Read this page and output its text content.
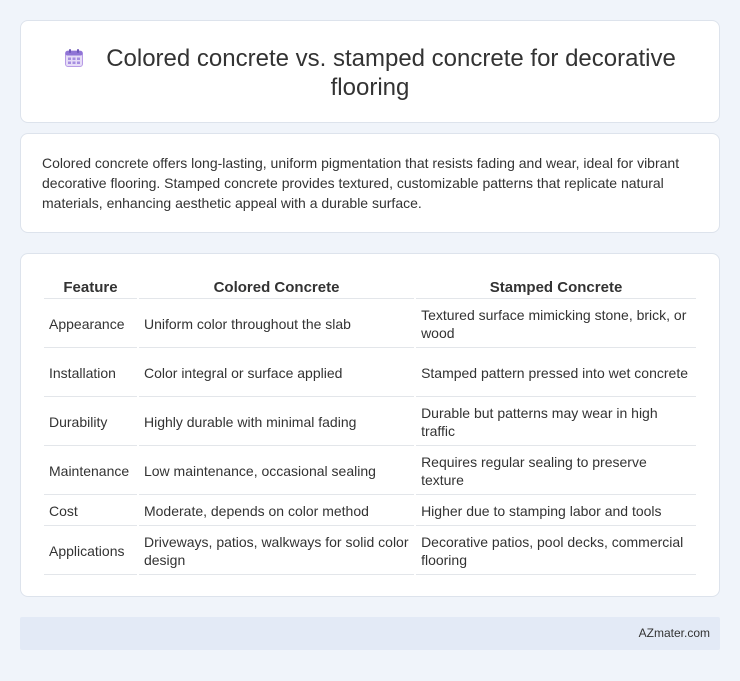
Colored concrete vs. stamped concrete for decorative flooring

Colored concrete offers long-lasting, uniform pigmentation that resists fading and wear, ideal for vibrant decorative flooring. Stamped concrete provides textured, customizable patterns that replicate natural materials, enhancing aesthetic appeal with a durable surface.

Feature	Colored Concrete	Stamped Concrete
Appearance	Uniform color throughout the slab	Textured surface mimicking stone, brick, or wood
Installation	Color integral or surface applied	Stamped pattern pressed into wet concrete
Durability	Highly durable with minimal fading	Durable but patterns may wear in high traffic
Maintenance	Low maintenance, occasional sealing	Requires regular sealing to preserve texture
Cost	Moderate, depends on color method	Higher due to stamping labor and tools
Applications	Driveways, patios, walkways for solid color design	Decorative patios, pool decks, commercial flooring
AZmater.com
